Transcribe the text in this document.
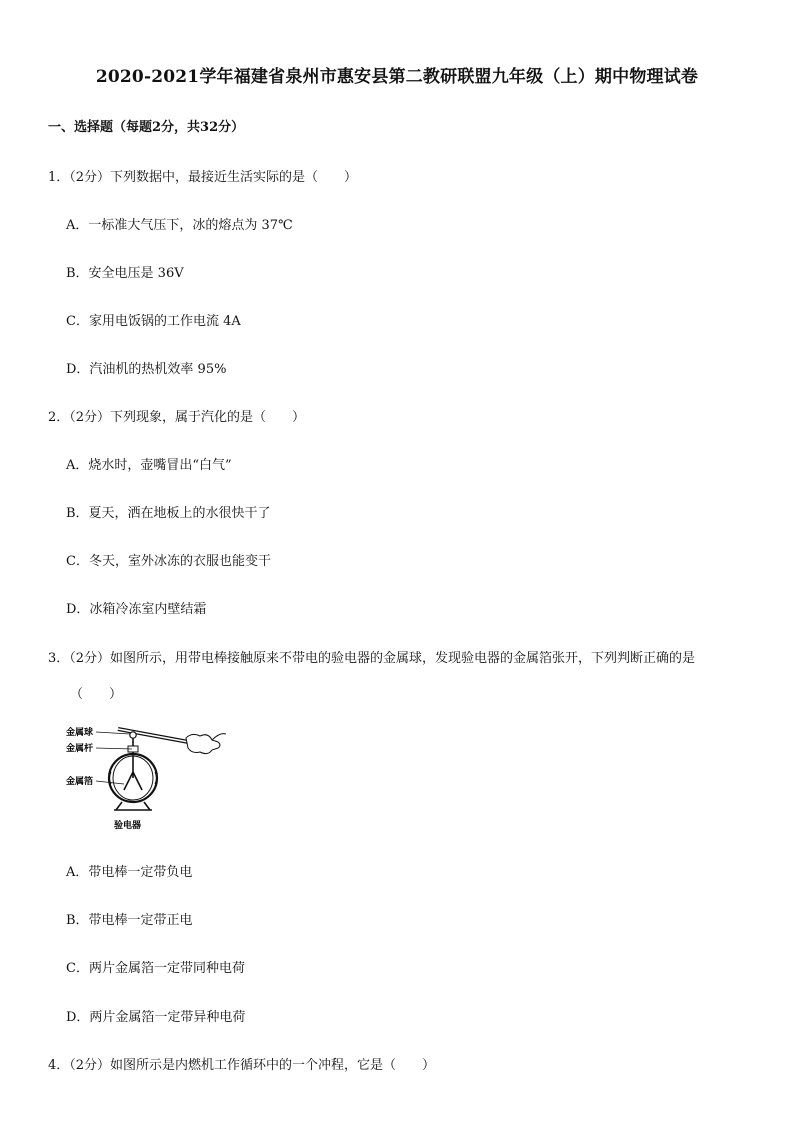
2020-2021学年福建省泉州市惠安县第二教研联盟九年级（上）期中物理试卷
一、选择题（每题2分，共32分）
1．（2分）下列数据中，最接近生活实际的是（　　）
A．一标准大气压下，冰的熔点为 37℃
B．安全电压是 36V
C．家用电饭锅的工作电流 4A
D．汽油机的热机效率 95%
2．（2分）下列现象，属于汽化的是（　　）
A．烧水时，壶嘴冒出“白气”
B．夏天，洒在地板上的水很快干了
C．冬天，室外冰冻的衣服也能变干
D．冰箱冷冻室内壁结霜
3．（2分）如图所示，用带电棒接触原来不带电的验电器的金属球，发现验电器的金属箔张开，下列判断正确的是
（　　）
金属球
金属杆
金属箔
验电器
A．带电棒一定带负电
B．带电棒一定带正电
C．两片金属箔一定带同种电荷
D．两片金属箔一定带异种电荷
4．（2分）如图所示是内燃机工作循环中的一个冲程，它是（　　）
